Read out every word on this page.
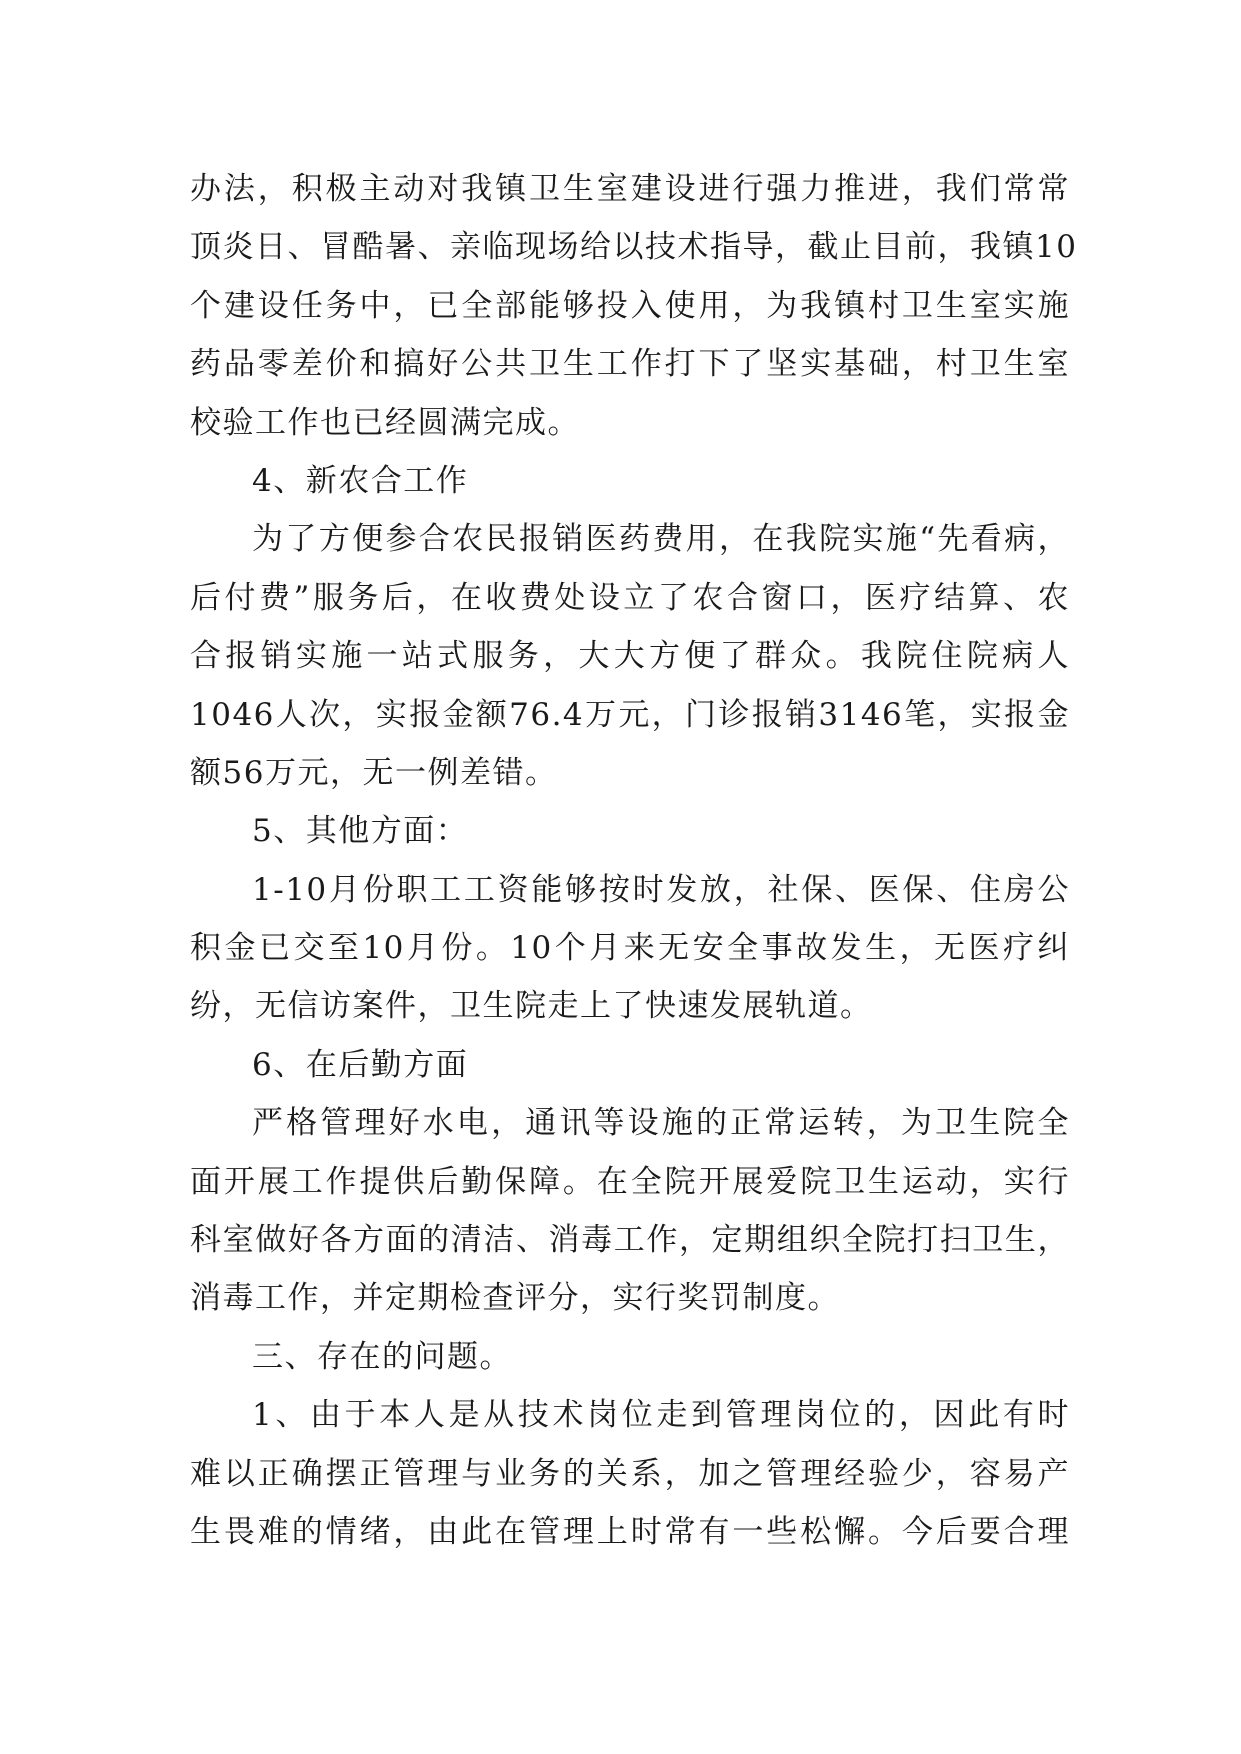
办法，积极主动对我镇卫生室建设进行强力推进，我们常常
顶炎日、冒酷暑、亲临现场给以技术指导，截止目前，我镇10
个建设任务中，已全部能够投入使用，为我镇村卫生室实施
药品零差价和搞好公共卫生工作打下了坚实基础，村卫生室
校验工作也已经圆满完成。
4、新农合工作
为了方便参合农民报销医药费用，在我院实施“先看病，
后付费”服务后，在收费处设立了农合窗口，医疗结算、农
合报销实施一站式服务，大大方便了群众。我院住院病人
1046人次，实报金额76.4万元，门诊报销3146笔，实报金
额56万元，无一例差错。
5、其他方面：
1-10月份职工工资能够按时发放，社保、医保、住房公
积金已交至10月份。10个月来无安全事故发生，无医疗纠
纷，无信访案件，卫生院走上了快速发展轨道。
6、在后勤方面
严格管理好水电，通讯等设施的正常运转，为卫生院全
面开展工作提供后勤保障。在全院开展爱院卫生运动，实行
科室做好各方面的清洁、消毒工作，定期组织全院打扫卫生，
消毒工作，并定期检查评分，实行奖罚制度。
三、存在的问题。
1、由于本人是从技术岗位走到管理岗位的，因此有时
难以正确摆正管理与业务的关系，加之管理经验少，容易产
生畏难的情绪，由此在管理上时常有一些松懈。今后要合理
